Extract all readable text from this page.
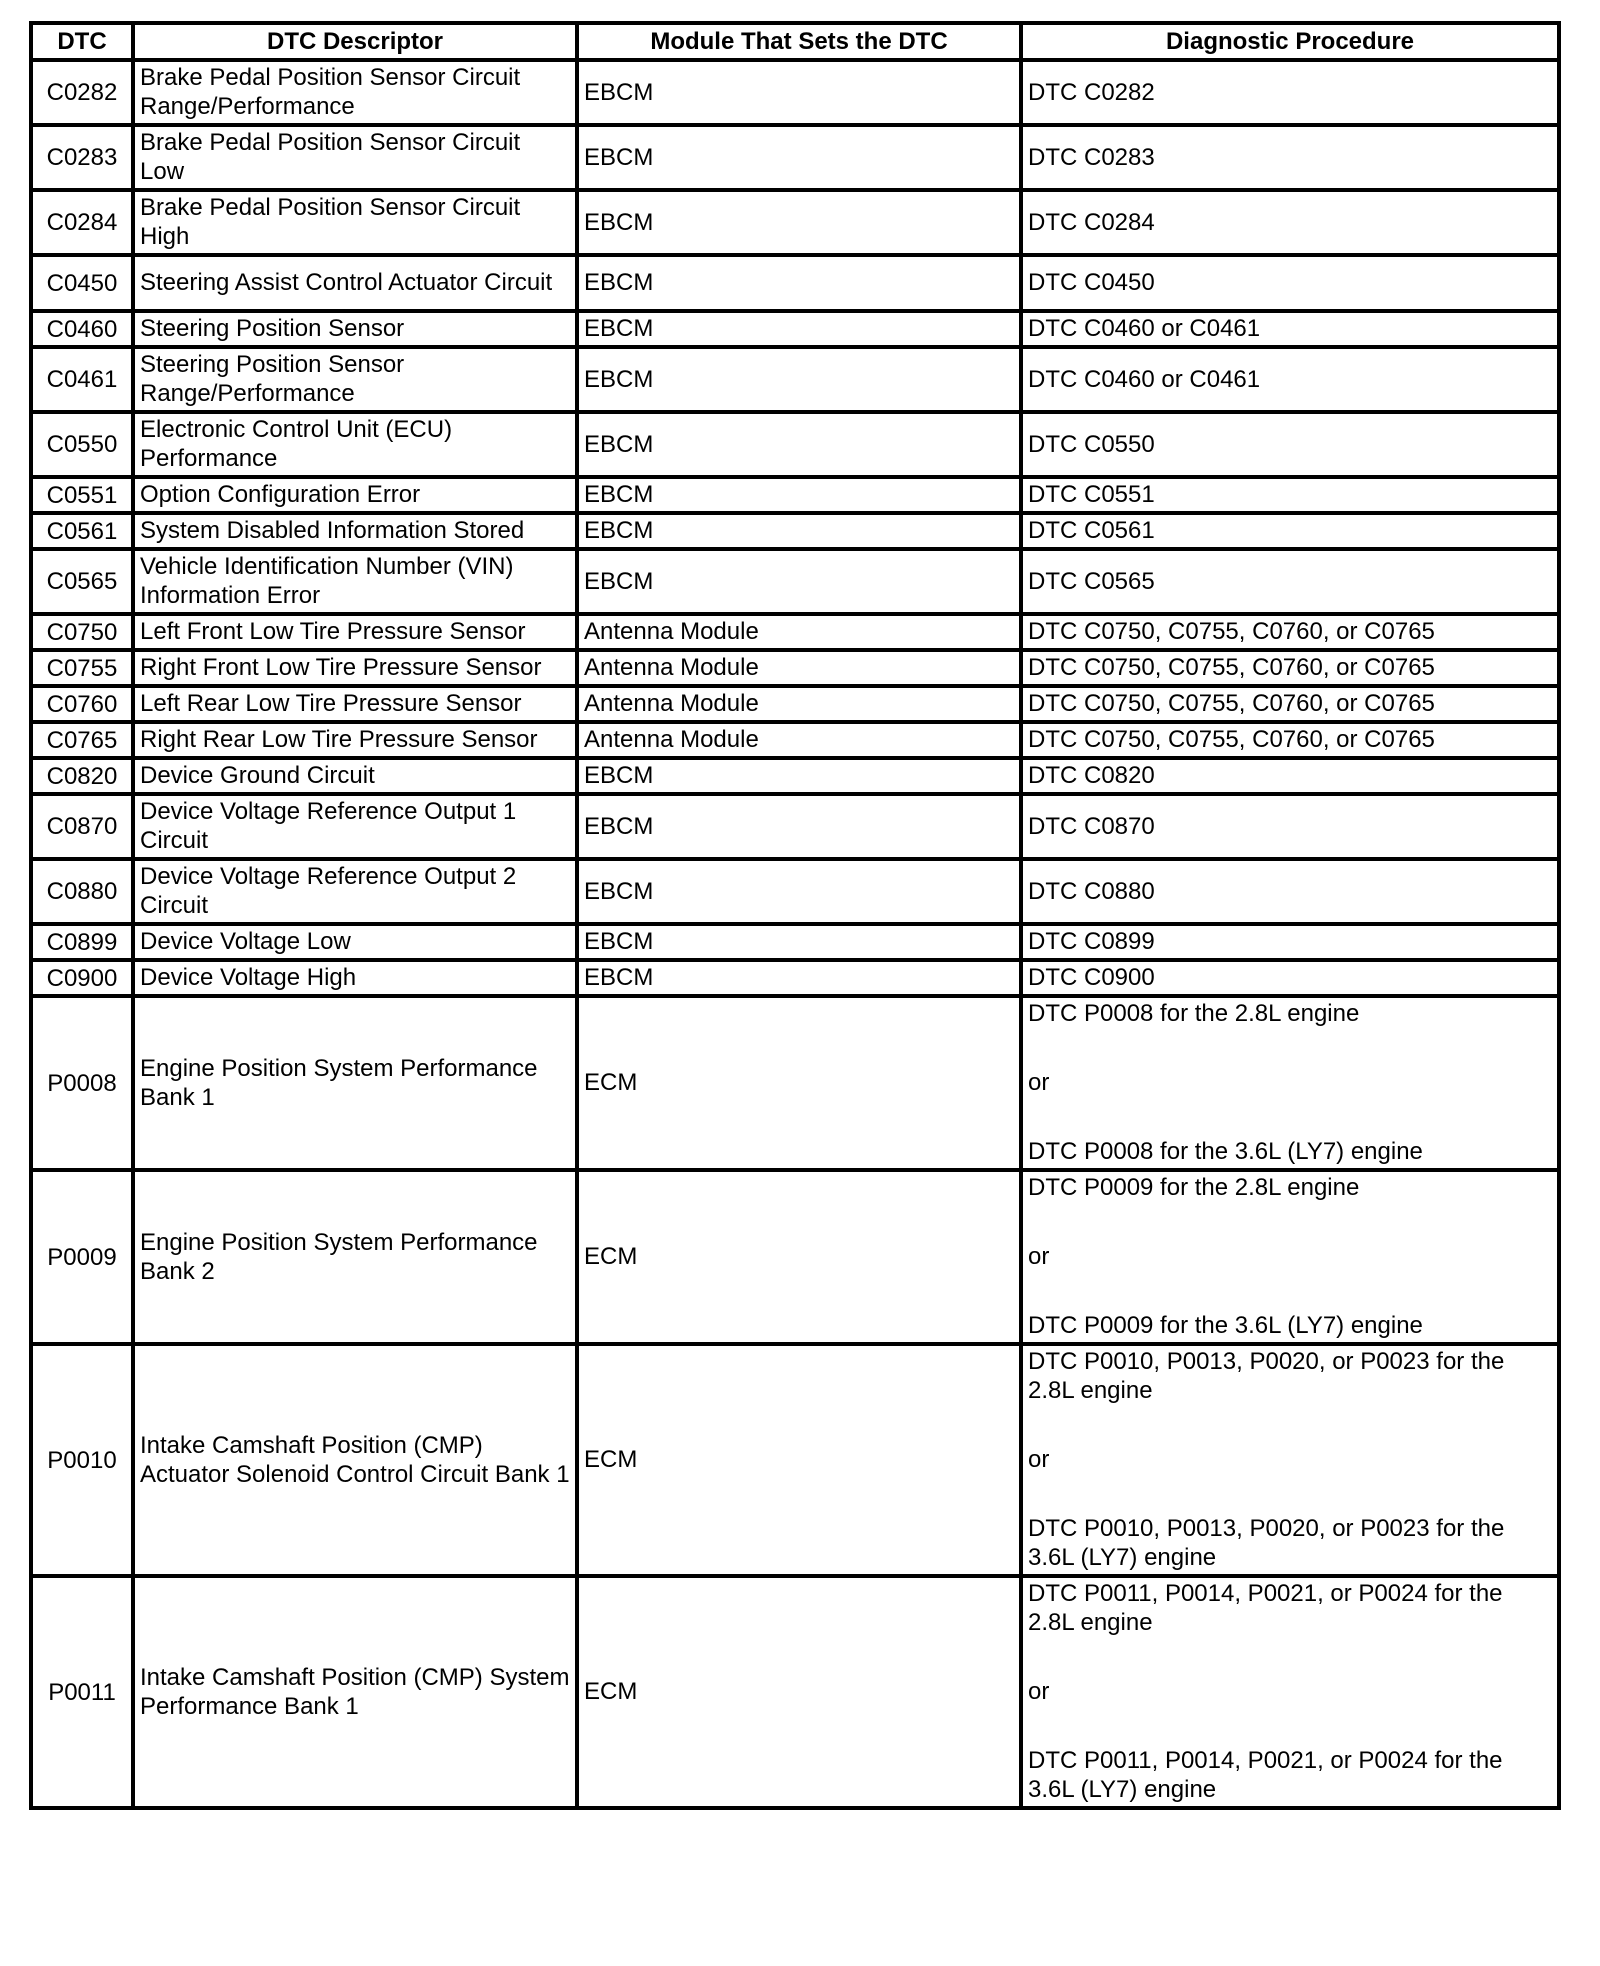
DTC	DTC Descriptor	Module That Sets the DTC	Diagnostic Procedure
C0282	Brake Pedal Position Sensor Circuit Range/Performance	EBCM	DTC C0282
C0283	Brake Pedal Position Sensor Circuit Low	EBCM	DTC C0283
C0284	Brake Pedal Position Sensor Circuit High	EBCM	DTC C0284
C0450	Steering Assist Control Actuator Circuit	EBCM	DTC C0450
C0460	Steering Position Sensor	EBCM	DTC C0460 or C0461
C0461	Steering Position Sensor Range/Performance	EBCM	DTC C0460 or C0461
C0550	Electronic Control Unit (ECU) Performance	EBCM	DTC C0550
C0551	Option Configuration Error	EBCM	DTC C0551
C0561	System Disabled Information Stored	EBCM	DTC C0561
C0565	Vehicle Identification Number (VIN) Information Error	EBCM	DTC C0565
C0750	Left Front Low Tire Pressure Sensor	Antenna Module	DTC C0750, C0755, C0760, or C0765
C0755	Right Front Low Tire Pressure Sensor	Antenna Module	DTC C0750, C0755, C0760, or C0765
C0760	Left Rear Low Tire Pressure Sensor	Antenna Module	DTC C0750, C0755, C0760, or C0765
C0765	Right Rear Low Tire Pressure Sensor	Antenna Module	DTC C0750, C0755, C0760, or C0765
C0820	Device Ground Circuit	EBCM	DTC C0820
C0870	Device Voltage Reference Output 1 Circuit	EBCM	DTC C0870
C0880	Device Voltage Reference Output 2 Circuit	EBCM	DTC C0880
C0899	Device Voltage Low	EBCM	DTC C0899
C0900	Device Voltage High	EBCM	DTC C0900
P0008	Engine Position System Performance Bank 1	ECM	DTC P0008 for the 2.8L engine
or
DTC P0008 for the 3.6L (LY7) engine

P0009	Engine Position System Performance Bank 2	ECM	DTC P0009 for the 2.8L engine
or
DTC P0009 for the 3.6L (LY7) engine

P0010	Intake Camshaft Position (CMP) Actuator Solenoid Control Circuit Bank 1	ECM	DTC P0010, P0013, P0020, or P0023 for the 2.8L engine
or
DTC P0010, P0013, P0020, or P0023 for the 3.6L (LY7) engine

P0011	Intake Camshaft Position (CMP) System Performance Bank 1	ECM	DTC P0011, P0014, P0021, or P0024 for the 2.8L engine
or
DTC P0011, P0014, P0021, or P0024 for the 3.6L (LY7) engine
